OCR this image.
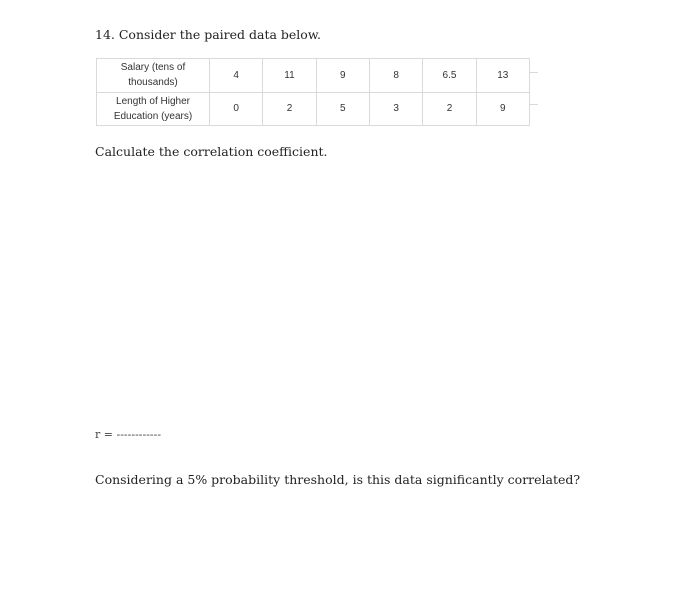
14. Consider the paired data below.
Salary (tens of
thousands)	4	11	9	8	6.5	13
Length of Higher
Education (years)	0	2	5	3	2	9
Calculate the correlation coefficient.
r = ------------
Considering a 5% probability threshold, is this data significantly correlated?
